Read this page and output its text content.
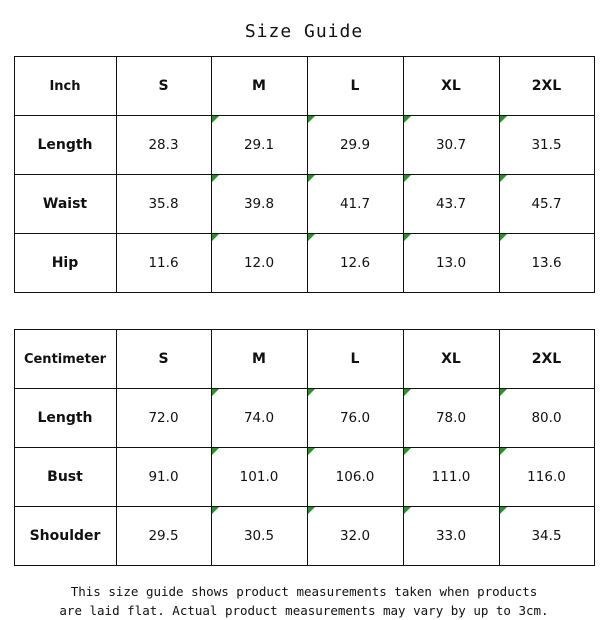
Size Guide
Inch	S	M	L	XL	2XL
Length	28.3	29.1	29.9	30.7	31.5

Waist	35.8	39.8	41.7	43.7	45.7

Hip	11.6	12.0	12.6	13.0	13.6
Centimeter	S	M	L	XL	2XL
Length	72.0	74.0	76.0	78.0	80.0

Bust	91.0	101.0	106.0	111.0	116.0

Shoulder	29.5	30.5	32.0	33.0	34.5
This size guide shows product measurements taken when products
are laid flat. Actual product measurements may vary by up to 3cm.
